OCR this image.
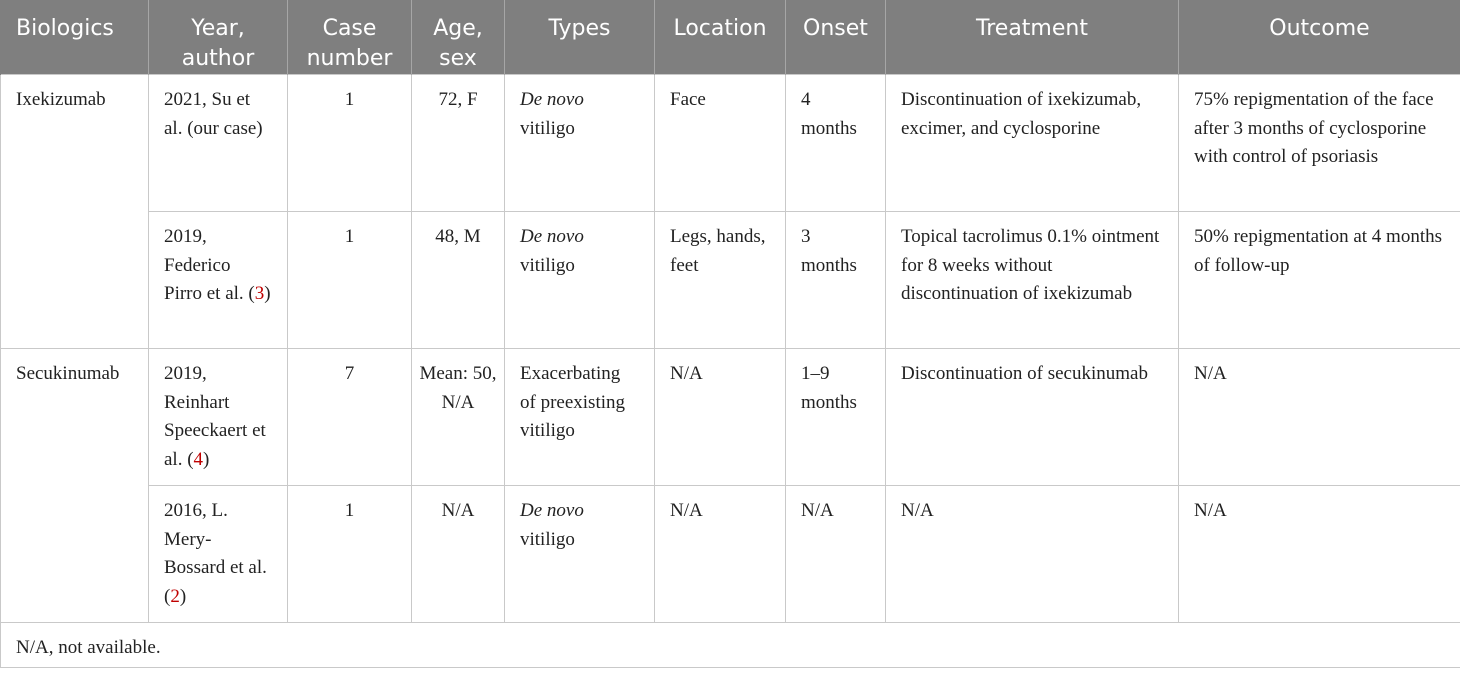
Biologics	Year, author	Case number	Age, sex	Types	Location	Onset	Treatment	Outcome
Ixekizumab	2021, Su et al. (our case)	1	72, F	De novo vitiligo	Face	4 months	Discontinuation of ixekizumab, excimer, and cyclosporine	75% repigmentation of the face after 3 months of cyclosporine with control of psoriasis
	2019, Federico Pirro et al. (3)	1	48, M	De novo vitiligo	Legs, hands, feet	3 months	Topical tacrolimus 0.1% ointment for 8 weeks without discontinuation of ixekizumab	50% repigmentation at 4 months of follow-up
Secukinumab	2019, Reinhart Speeckaert et al. (4)	7	Mean: 50, N/A	Exacerbating of preexisting vitiligo	N/A	1–9 months	Discontinuation of secukinumab	N/A
	2016, L. Mery-Bossard et al. (2)	1	N/A	De novo vitiligo	N/A	N/A	N/A	N/A
N/A, not available.								
